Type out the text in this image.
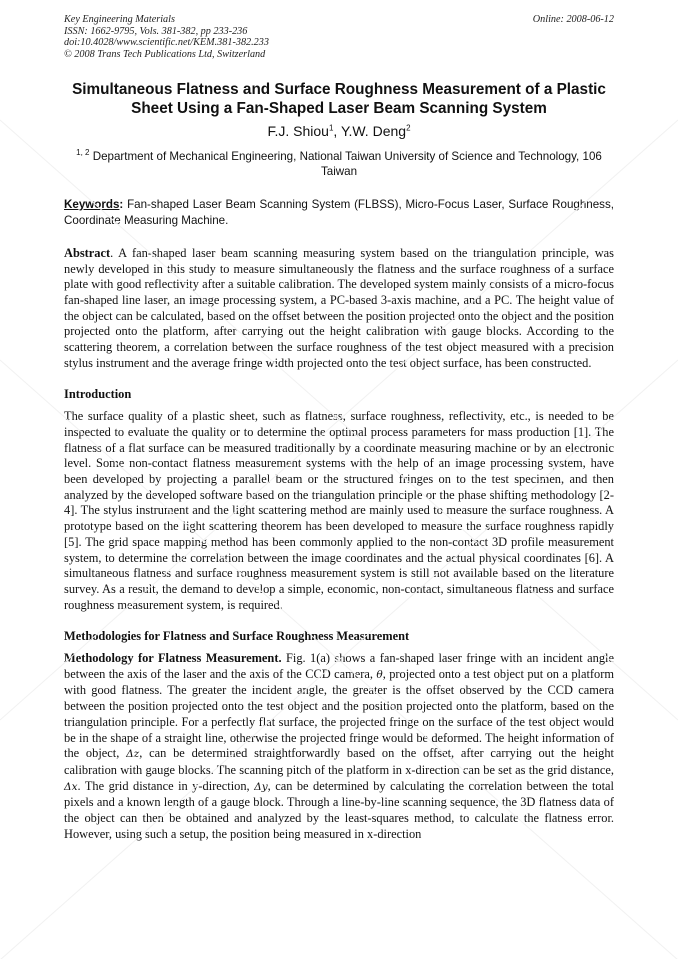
Key Engineering Materials
ISSN: 1662-9795, Vols. 381-382, pp 233-236
doi:10.4028/www.scientific.net/KEM.381-382.233
© 2008 Trans Tech Publications Ltd, Switzerland
Online: 2008-06-12
Simultaneous Flatness and Surface Roughness Measurement of a Plastic Sheet Using a Fan-Shaped Laser Beam Scanning System
F.J. Shiou$^1$, Y.W. Deng$^2$
$^{1, 2}$ Department of Mechanical Engineering, National Taiwan University of Science and Technology, 106 Taiwan
Keywords: Fan-shaped Laser Beam Scanning System (FLBSS), Micro-Focus Laser, Surface Roughness, Coordinate Measuring Machine.
Abstract. A fan-shaped laser beam scanning measuring system based on the triangulation principle, was newly developed in this study to measure simultaneously the flatness and the surface roughness of a surface plate with good reflectivity after a suitable calibration. The developed system mainly consists of a micro-focus fan-shaped line laser, an image processing system, a PC-based 3-axis machine, and a PC. The height value of the object can be calculated, based on the offset between the position projected onto the object and the position projected onto the platform, after carrying out the height calibration with gauge blocks. According to the scattering theorem, a correlation between the surface roughness of the test object measured with a precision stylus instrument and the average fringe width projected onto the test object surface, has been constructed.
Introduction
The surface quality of a plastic sheet, such as flatness, surface roughness, reflectivity, etc., is needed to be inspected to evaluate the quality or to determine the optimal process parameters for mass production [1]. The flatness of a flat surface can be measured traditionally by a coordinate measuring machine or by an electronic level. Some non-contact flatness measurement systems with the help of an image processing system, have been developed by projecting a parallel beam or the structured fringes on to the test specimen, and then analyzed by the developed software based on the triangulation principle or the phase shifting methodology [2-4]. The stylus instrument and the light scattering method are mainly used to measure the surface roughness. A prototype based on the light scattering theorem has been developed to measure the surface roughness rapidly [5]. The grid space mapping method has been commonly applied to the non-contact 3D profile measurement system, to determine the correlation between the image coordinates and the actual physical coordinates [6]. A simultaneous flatness and surface roughness measurement system is still not available based on the literature survey. As a result, the demand to develop a simple, economic, non-contact, simultaneous flatness and surface roughness measurement system, is required.
Methodologies for Flatness and Surface Roughness Measurement
Methodology for Flatness Measurement. Fig. 1(a) shows a fan-shaped laser fringe with an incident angle between the axis of the laser and the axis of the CCD camera, θ, projected onto a test object put on a platform with good flatness. The greater the incident angle, the greater is the offset observed by the CCD camera between the position projected onto the test object and the position projected onto the platform, based on the triangulation principle. For a perfectly flat surface, the projected fringe on the surface of the test object would be in the shape of a straight line, otherwise the projected fringe would be deformed. The height information of the object, Δz, can be determined straightforwardly based on the offset, after carrying out the height calibration with gauge blocks. The scanning pitch of the platform in x-direction can be set as the grid distance, Δx. The grid distance in y-direction, Δy, can be determined by calculating the correlation between the total pixels and a known length of a gauge block. Through a line-by-line scanning sequence, the 3D flatness data of the object can then be obtained and analyzed by the least-squares method, to calculate the flatness error. However, using such a setup, the position being measured in x-direction
